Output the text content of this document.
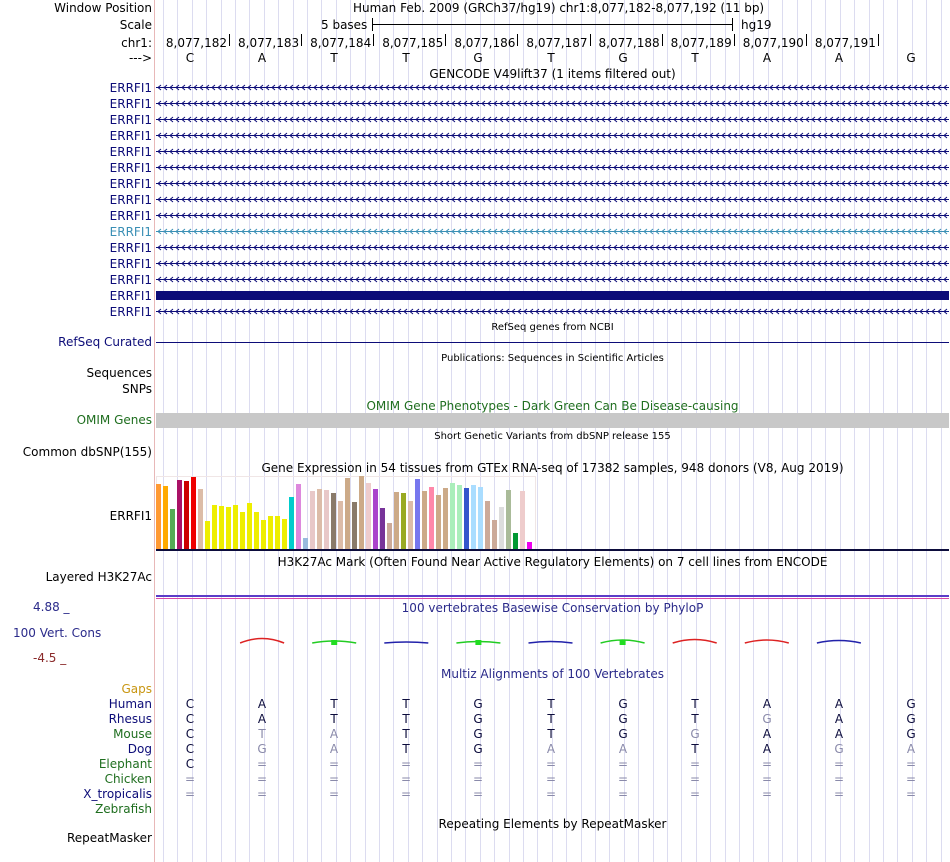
Window Position	Human Feb. 2009 (GRCh37/hg19) chr1:8,077,182-8,077,192 (11 bp)
Scale	5 bases	hg19
chr1: 8,077,182 8,077,183 8,077,184 8,077,185 8,077,186 8,077,187 8,077,188 8,077,189 8,077,190 8,077,191
--->	C	A	T	T	G	T	G	T	A	A	G
GENCODE V49lift37 (1 items filtered out)
ERRFI1
ERRFI1
ERRFI1
ERRFI1
ERRFI1
ERRFI1
ERRFI1
ERRFI1
ERRFI1
ERRFI1
ERRFI1
ERRFI1
ERRFI1
ERRFI1
ERRFI1
RefSeq genes from NCBI
RefSeq Curated
Publications: Sequences in Scientific Articles
Sequences
SNPs
OMIM Gene Phenotypes - Dark Green Can Be Disease-causing
OMIM Genes
Short Genetic Variants from dbSNP release 155
Common dbSNP(155)
Gene Expression in 54 tissues from GTEx RNA-seq of 17382 samples, 948 donors (V8, Aug 2019)
ERRFI1
H3K27Ac Mark (Often Found Near Active Regulatory Elements) on 7 cell lines from ENCODE
Layered H3K27Ac
4.88 _	100 vertebrates Basewise Conservation by PhyloP
100 Vert. Cons
-4.5 _
Multiz Alignments of 100 Vertebrates
Gaps
Human	C	A	T	T	G	T	G	T	A	A	G
Rhesus	C	A	T	T	G	T	G	T	G	A	G
Mouse	C	T	A	T	G	T	G	G	A	A	G
Dog	C	G	A	T	G	A	A	T	A	G	A
Elephant	C	=	=	=	=	=	=	=	=	=	=
Chicken	=	=	=	=	=	=	=	=	=	=	=
X_tropicalis	=	=	=	=	=	=	=	=	=	=	=
Zebrafish
Repeating Elements by RepeatMasker
RepeatMasker
